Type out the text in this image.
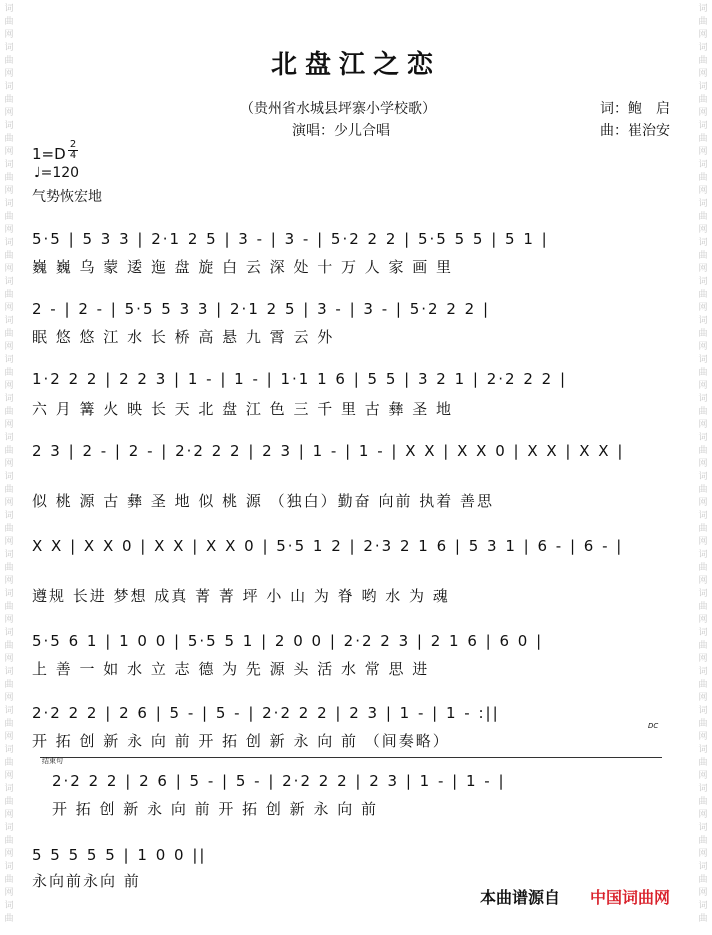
词
曲
网
词
曲
网
词
曲
网
词
曲
网
词
曲
网
词
曲
网
词
曲
网
词
曲
网
词
曲
网
词
曲
网
词
曲
网
词
曲
网
词
曲
网
词
曲
网
词
曲
网
词
曲
网
词
曲
网
词
曲
网
词
曲
网
词
曲
网
词
曲
网
词
曲
网
词
曲
网
词
曲
词
曲
网
词
曲
网
词
曲
网
词
曲
网
词
曲
网
词
曲
网
词
曲
网
词
曲
网
词
曲
网
词
曲
网
词
曲
网
词
曲
网
词
曲
网
词
曲
网
词
曲
网
词
曲
网
词
曲
网
词
曲
网
词
曲
网
词
曲
网
词
曲
网
词
曲
网
词
曲
网
词
曲
北盘江之恋
（贵州省水城县坪寨小学校歌）
演唱：少儿合唱
词：鲍　启
曲：崔治安
1=D
2
4
♩=120
气势恢宏地
5·5 | 5 3 3 | 2·1 2 5 | 3 - | 3 - | 5·2 2 2 | 5·5 5 5 | 5 1 |
巍 巍 乌 蒙 逶 迤 盘 旋 白 云 深 处 十 万 人 家 画 里
2 - | 2 - | 5·5 5 3 3 | 2·1 2 5 | 3 - | 3 - | 5·2 2 2 |
眠 悠 悠 江 水 长 桥 高 悬 九 霄 云 外
1·2 2 2 | 2 2 3 | 1 - | 1 - | 1·1 1 6 | 5 5 | 3 2 1 | 2·2 2 2 |
六 月 篝 火 映 长 天 北 盘 江 色 三 千 里 古 彝 圣 地
2 3 | 2 - | 2 - | 2·2 2 2 | 2 3 | 1 - | 1 - | X X | X X 0 | X X | X X |
似 桃 源 古 彝 圣 地 似 桃 源 （独白）勤奋 向前 执着 善思
X X | X X 0 | X X | X X 0 | 5·5 1 2 | 2·3 2 1 6 | 5 3 1 | 6 - | 6 - |
遵规 长进 梦想 成真 菁 菁 坪 小 山 为 脊 哟 水 为 魂
5·5 6 1 | 1 0 0 | 5·5 5 1 | 2 0 0 | 2·2 2 3 | 2 1 6 | 6 0 |
上 善 一 如 水 立 志 德 为 先 源 头 活 水 常 思 进
2·2 2 2 | 2 6 | 5 - | 5 - | 2·2 2 2 | 2 3 | 1 - | 1 - :||
开 拓 创 新 永 向 前 开 拓 创 新 永 向 前 （间奏略）
DC
结束句
2·2 2 2 | 2 6 | 5 - | 5 - | 2·2 2 2 | 2 3 | 1 - | 1 - |
开 拓 创 新 永 向 前 开 拓 创 新 永 向 前
5 5 5 5 5 | 1 0 0 ||
永向前永向 前
本曲谱源自 中国词曲网
